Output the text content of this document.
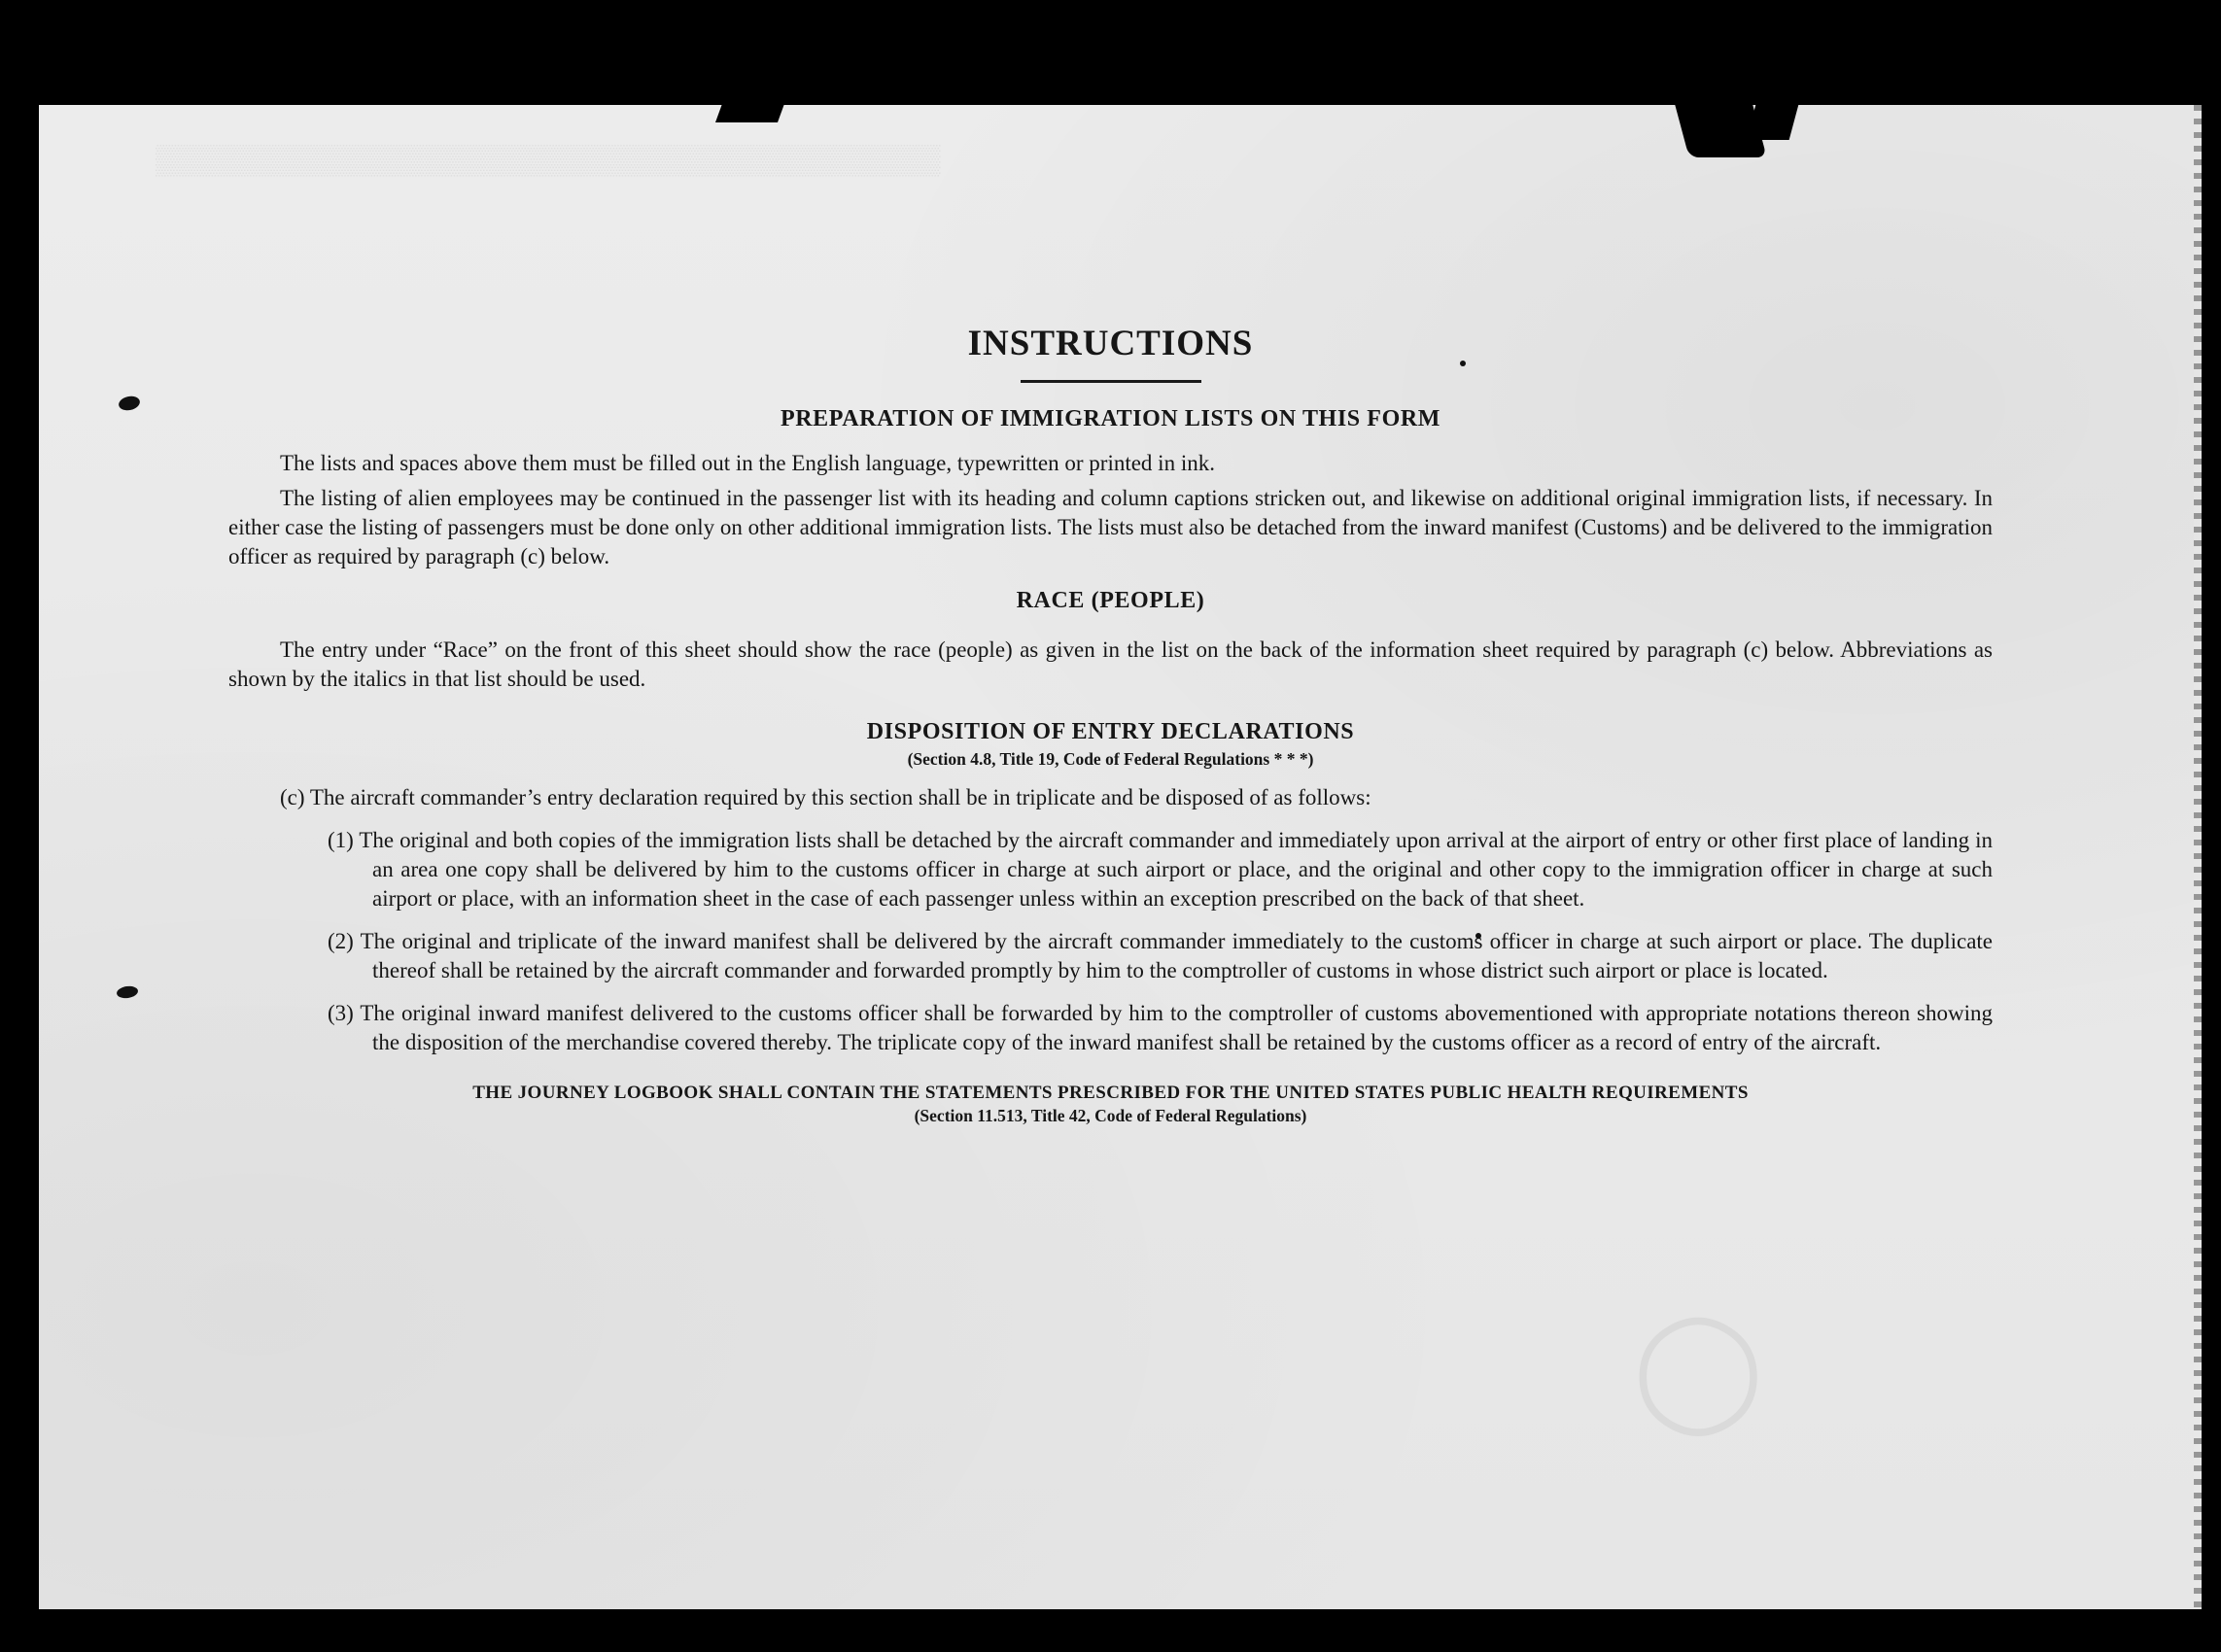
▒▒▒▒▒▒▒▒▒▒▒▒▒▒▒▒▒▒▒▒▒▒▒▒▒▒▒▒▒▒▒▒▒▒▒▒▒▒
◯
INSTRUCTIONS
PREPARATION OF IMMIGRATION LISTS ON THIS FORM

The lists and spaces above them must be filled out in the English language, typewritten or printed in ink.

The listing of alien employees may be continued in the passenger list with its heading and column captions stricken out, and likewise on additional original immigration lists, if necessary. In either case the listing of passengers must be done only on other additional immigration lists. The lists must also be detached from the inward manifest (Customs) and be delivered to the immigration officer as required by paragraph (c) below.

RACE (PEOPLE)

The entry under “Race” on the front of this sheet should show the race (people) as given in the list on the back of the information sheet required by paragraph (c) below. Abbreviations as shown by the italics in that list should be used.

DISPOSITION OF ENTRY DECLARATIONS

(Section 4.8, Title 19, Code of Federal Regulations * * *)

(c) The aircraft commander’s entry declaration required by this section shall be in triplicate and be disposed of as follows:

(1) The original and both copies of the immigration lists shall be detached by the aircraft commander and immediately upon arrival at the airport of entry or other first place of landing in an area one copy shall be delivered by him to the customs officer in charge at such airport or place, and the original and other copy to the immigration officer in charge at such airport or place, with an information sheet in the case of each passenger unless within an exception prescribed on the back of that sheet.

(2) The original and triplicate of the inward manifest shall be delivered by the aircraft commander immediately to the customs officer in charge at such airport or place. The duplicate thereof shall be retained by the aircraft commander and forwarded promptly by him to the comptroller of customs in whose district such airport or place is located.

(3) The original inward manifest delivered to the customs officer shall be forwarded by him to the comptroller of customs abovementioned with appropriate notations thereon showing the disposition of the merchandise covered thereby. The triplicate copy of the inward manifest shall be retained by the customs officer as a record of entry of the aircraft.

THE JOURNEY LOGBOOK SHALL CONTAIN THE STATEMENTS PRESCRIBED FOR THE UNITED STATES PUBLIC HEALTH REQUIREMENTS

(Section 11.513, Title 42, Code of Federal Regulations)
